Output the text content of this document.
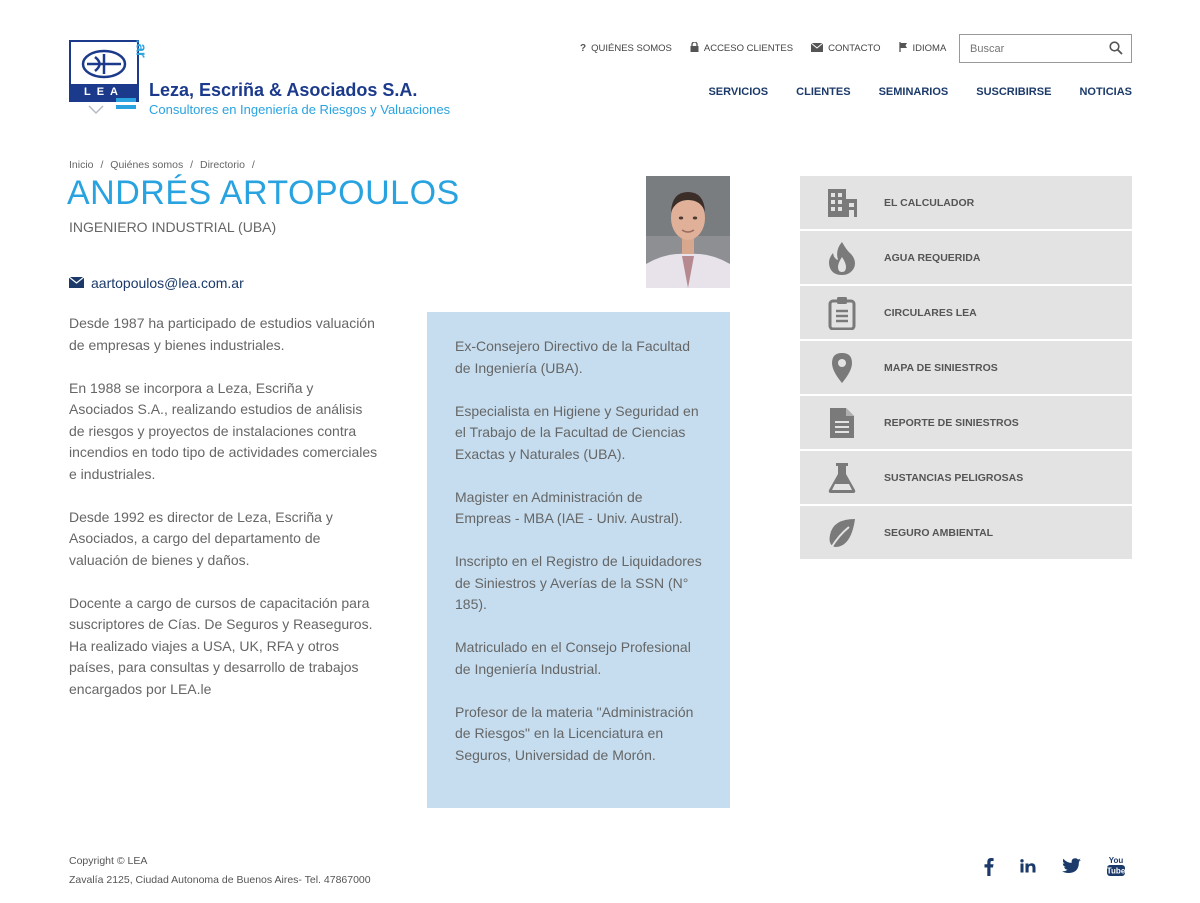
LEA
.ar
Leza, Escriña & Asociados S.A.
Consultores en Ingeniería de Riesgos y Valuaciones
? QUIÉNES SOMOS	ACCESO CLIENTES	CONTACTO	IDIOMA
Buscar
SERVICIOS	CLIENTES	SEMINARIOS	SUSCRIBIRSE	NOTICIAS
Inicio / Quiénes somos / Directorio /
ANDRÉS ARTOPOULOS
INGENIERO INDUSTRIAL (UBA)
aartopoulos@lea.com.ar

Desde 1987 ha participado de estudios valuación de empresas y bienes industriales.

En 1988 se incorpora a Leza, Escriña y Asociados S.A., realizando estudios de análisis de riesgos y proyectos de instalaciones contra incendios en todo tipo de actividades comerciales e industriales.

Desde 1992 es director de Leza, Escriña y Asociados, a cargo del departamento de valuación de bienes y daños.

Docente a cargo de cursos de capacitación para suscriptores de Cías. De Seguros y Reaseguros. Ha realizado viajes a USA, UK, RFA y otros países, para consultas y desarrollo de trabajos encargados por LEA.le

Ex-Consejero Directivo de la Facultad de Ingeniería (UBA).

Especialista en Higiene y Seguridad en el Trabajo de la Facultad de Ciencias Exactas y Naturales (UBA).

Magister en Administración de Empreas - MBA (IAE - Univ. Austral).

Inscripto en el Registro de Liquidadores de Siniestros y Averías de la SSN (N° 185).

Matriculado en el Consejo Profesional de Ingeniería Industrial.

Profesor de la materia "Administración de Riesgos" en la Licenciatura en Seguros, Universidad de Morón.

EL CALCULADOR
AGUA REQUERIDA
CIRCULARES LEA
MAPA DE SINIESTROS
REPORTE DE SINIESTROS
SUSTANCIAS PELIGROSAS
SEGURO AMBIENTAL
Copyright © LEA
Zavalía 2125, Ciudad Autonoma de Buenos Aires- Tel. 47867000
You
Tube
